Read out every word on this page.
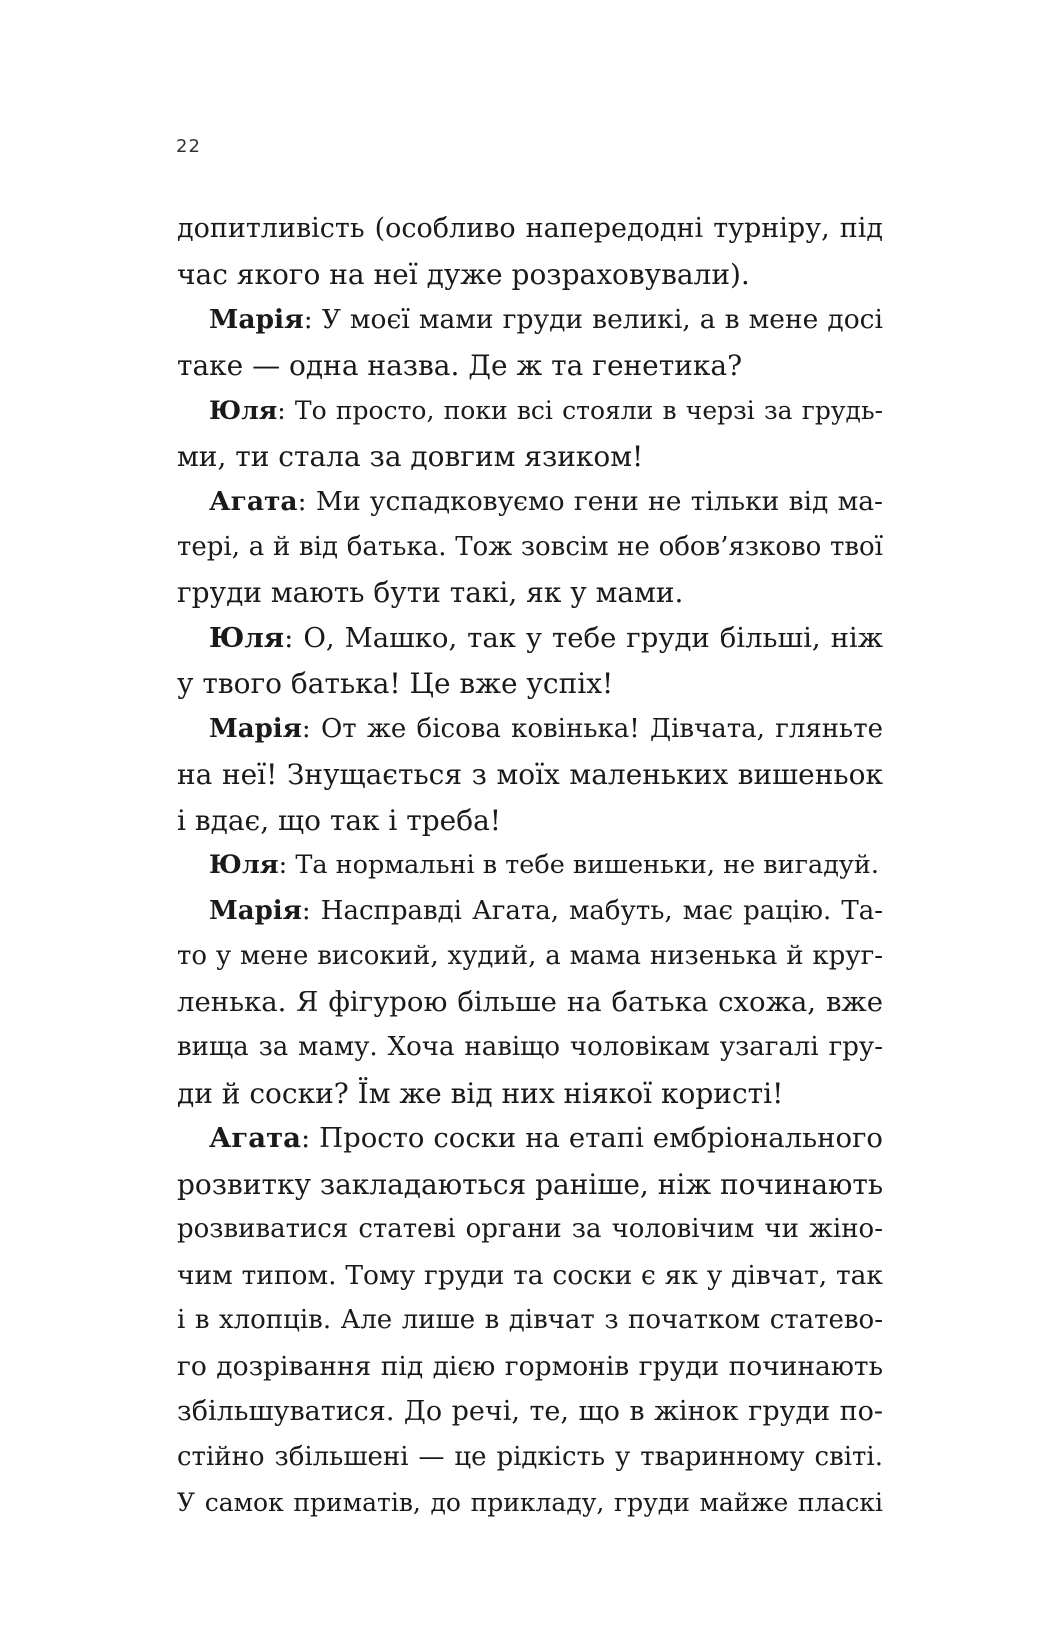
22
допитливість (особливо напередодні турніру, під
час якого на неї дуже розраховували).
Марія: У моєї мами груди великі, а в мене досі
таке — одна назва. Де ж та генетика?
Юля: То просто, поки всі стояли в черзі за грудь-
ми, ти стала за довгим язиком!
Агата: Ми успадковуємо гени не тільки від ма-
тері, а й від батька. Тож зовсім не обов’язково твої
груди мають бути такі, як у мами.
Юля: О, Машко, так у тебе груди більші, ніж
у твого батька! Це вже успіх!
Марія: От же бісова ковінька! Дівчата, гляньте
на неї! Знущається з моїх маленьких вишеньок
і вдає, що так і треба!
Юля: Та нормальні в тебе вишеньки, не вигадуй.
Марія: Насправді Агата, мабуть, має рацію. Та-
то у мене високий, худий, а мама низенька й круг-
ленька. Я фігурою більше на батька схожа, вже
вища за маму. Хоча навіщо чоловікам узагалі гру-
ди й соски? Їм же від них ніякої користі!
Агата: Просто соски на етапі ембріонального
розвитку закладаються раніше, ніж починають
розвиватися статеві органи за чоловічим чи жіно-
чим типом. Тому груди та соски є як у дівчат, так
і в хлопців. Але лише в дівчат з початком статево-
го дозрівання під дією гормонів груди починають
збільшуватися. До речі, те, що в жінок груди по-
стійно збільшені — це рідкість у тваринному світі.
У самок приматів, до прикладу, груди майже пласкі
